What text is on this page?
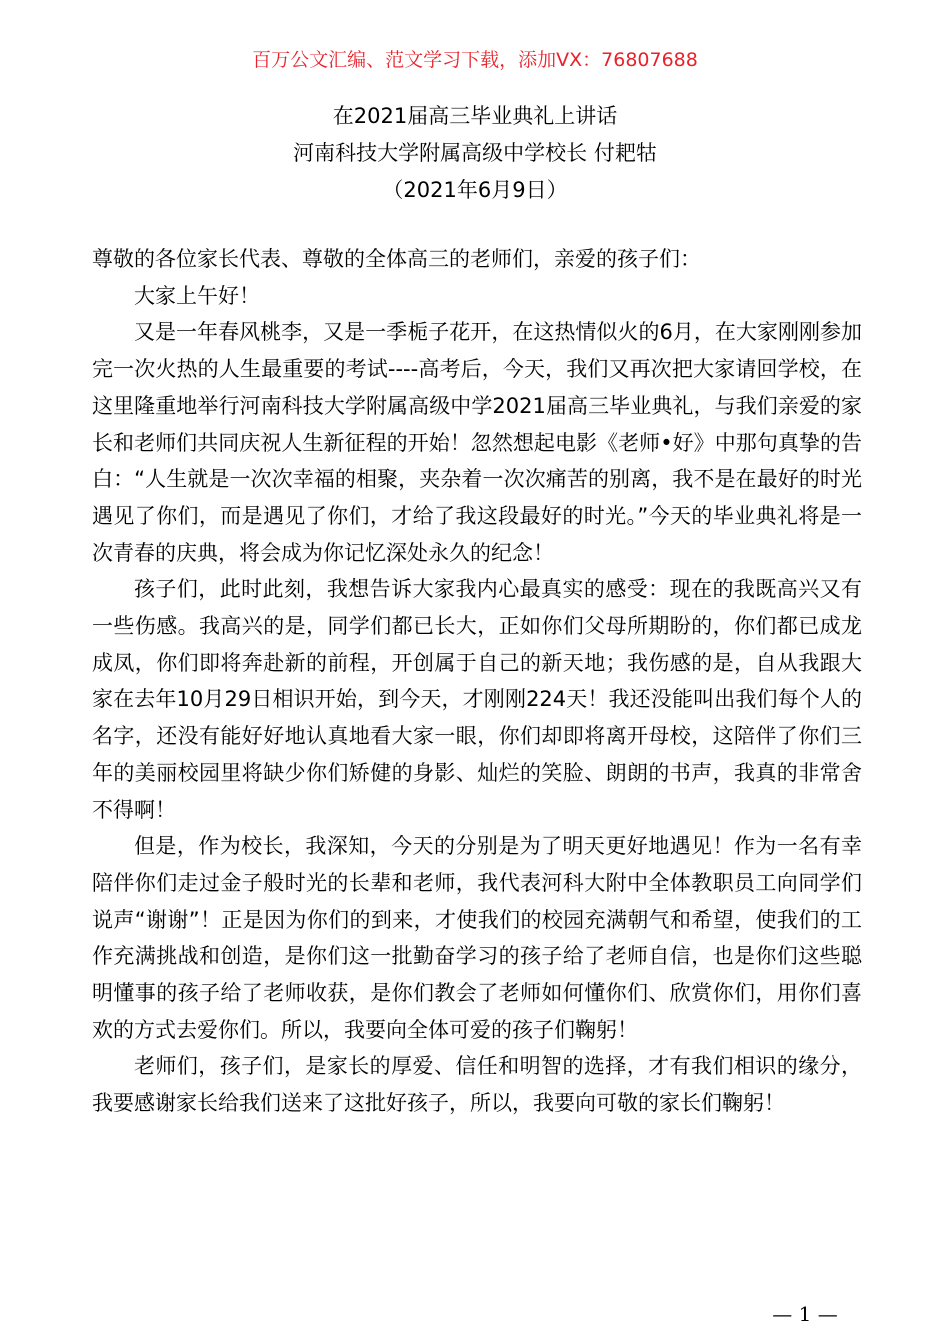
百万公文汇编、范文学习下载，添加VX：76807688
在2021届高三毕业典礼上讲话
河南科技大学附属高级中学校长 付耙牯
（2021年6月9日）

尊敬的各位家长代表、尊敬的全体高三的老师们，亲爱的孩子们：

大家上午好！

又是一年春风桃李，又是一季栀子花开，在这热情似火的6月，在大家刚刚参加完一次火热的人生最重要的考试----高考后，今天，我们又再次把大家请回学校，在这里隆重地举行河南科技大学附属高级中学2021届高三毕业典礼，与我们亲爱的家长和老师们共同庆祝人生新征程的开始！忽然想起电影《老师•好》中那句真挚的告白：“人生就是一次次幸福的相聚，夹杂着一次次痛苦的别离，我不是在最好的时光遇见了你们，而是遇见了你们，才给了我这段最好的时光。”今天的毕业典礼将是一次青春的庆典，将会成为你记忆深处永久的纪念！

孩子们，此时此刻，我想告诉大家我内心最真实的感受：现在的我既高兴又有一些伤感。我高兴的是，同学们都已长大，正如你们父母所期盼的，你们都已成龙成凤，你们即将奔赴新的前程，开创属于自己的新天地；我伤感的是，自从我跟大家在去年10月29日相识开始，到今天，才刚刚224天！我还没能叫出我们每个人的名字，还没有能好好地认真地看大家一眼，你们却即将离开母校，这陪伴了你们三年的美丽校园里将缺少你们矫健的身影、灿烂的笑脸、朗朗的书声，我真的非常舍不得啊！

但是，作为校长，我深知，今天的分别是为了明天更好地遇见！作为一名有幸陪伴你们走过金子般时光的长辈和老师，我代表河科大附中全体教职员工向同学们说声“谢谢”！正是因为你们的到来，才使我们的校园充满朝气和希望，使我们的工作充满挑战和创造，是你们这一批勤奋学习的孩子给了老师自信，也是你们这些聪明懂事的孩子给了老师收获，是你们教会了老师如何懂你们、欣赏你们，用你们喜欢的方式去爱你们。所以，我要向全体可爱的孩子们鞠躬！

老师们，孩子们，是家长的厚爱、信任和明智的选择，才有我们相识的缘分，我要感谢家长给我们送来了这批好孩子，所以，我要向可敬的家长们鞠躬！

— 1 —
